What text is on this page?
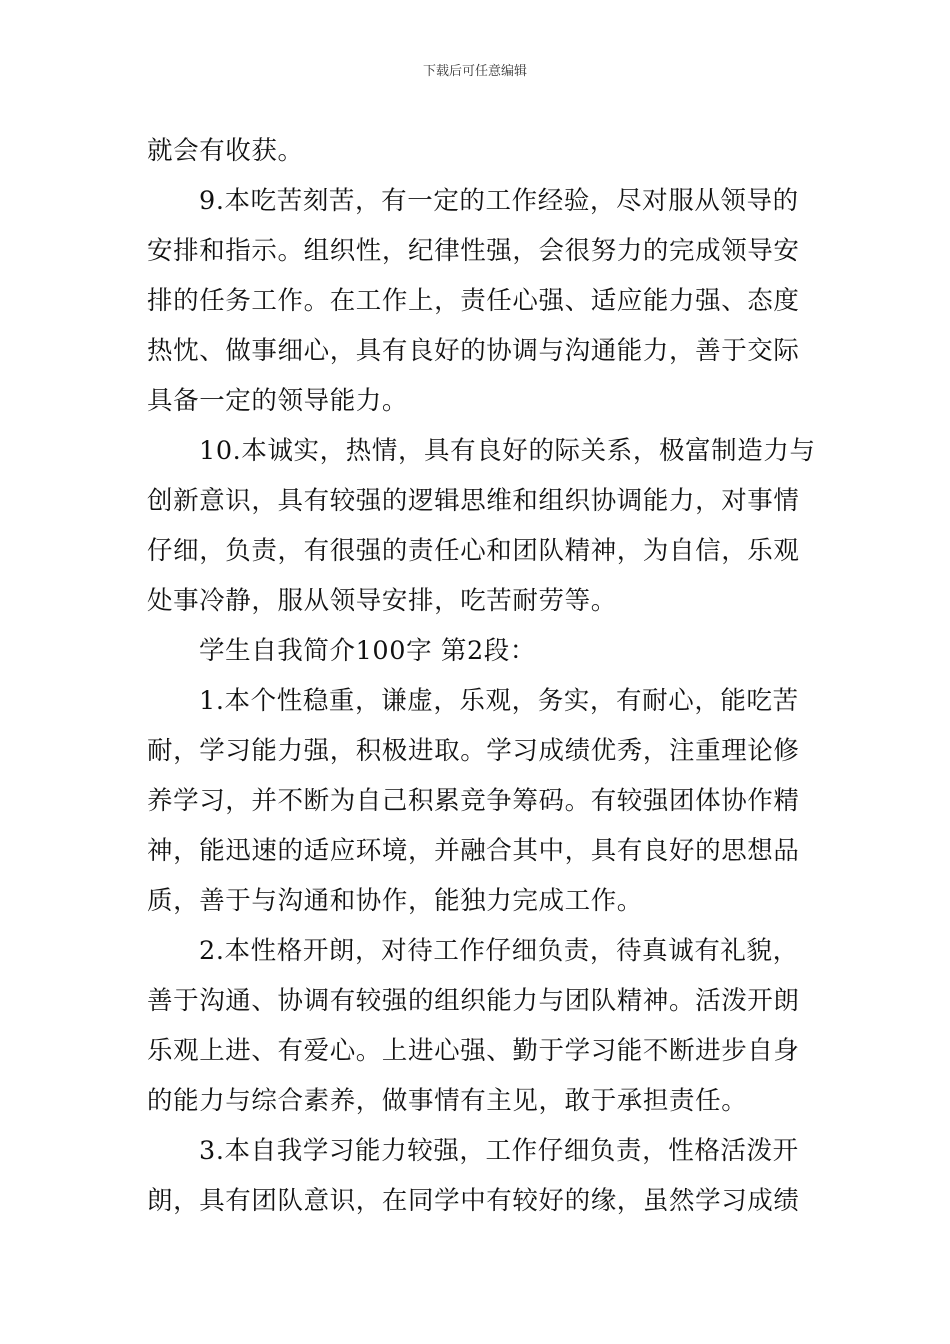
下载后可任意编辑
就会有收获。
9.本吃苦刻苦，有一定的工作经验，尽对服从领导的
安排和指示。组织性，纪律性强，会很努力的完成领导安
排的任务工作。在工作上，责任心强、适应能力强、态度
热忱、做事细心，具有良好的协调与沟通能力，善于交际
具备一定的领导能力。
10.本诚实，热情，具有良好的际关系，极富制造力与
创新意识，具有较强的逻辑思维和组织协调能力，对事情
仔细，负责，有很强的责任心和团队精神，为自信，乐观
处事冷静，服从领导安排，吃苦耐劳等。
学生自我简介100字 第2段：
1.本个性稳重，谦虚，乐观，务实，有耐心，能吃苦
耐，学习能力强，积极进取。学习成绩优秀，注重理论修
养学习，并不断为自己积累竞争筹码。有较强团体协作精
神，能迅速的适应环境，并融合其中，具有良好的思想品
质，善于与沟通和协作，能独力完成工作。
2.本性格开朗，对待工作仔细负责，待真诚有礼貌，
善于沟通、协调有较强的组织能力与团队精神。活泼开朗
乐观上进、有爱心。上进心强、勤于学习能不断进步自身
的能力与综合素养，做事情有主见，敢于承担责任。
3.本自我学习能力较强，工作仔细负责，性格活泼开
朗，具有团队意识，在同学中有较好的缘，虽然学习成绩
